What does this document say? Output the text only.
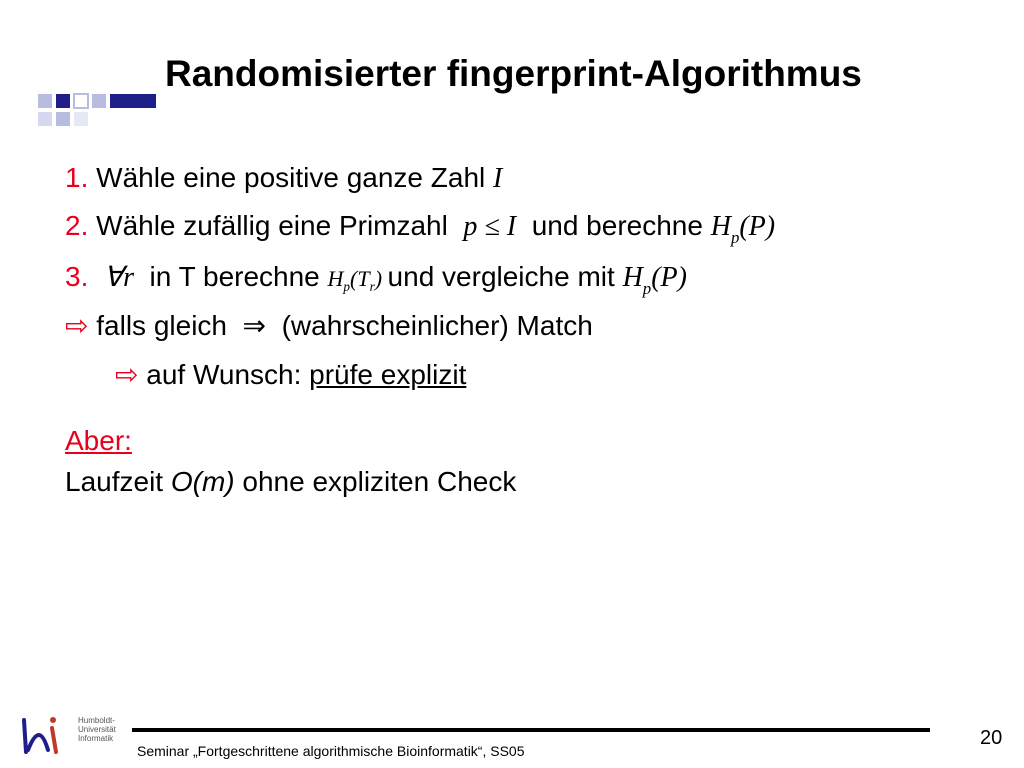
Randomisierter fingerprint-Algorithmus
1. Wähle eine positive ganze Zahl I
2. Wähle zufällig eine Primzahl p ≤ I und berechne $H_p(P)$
3. ∀r in T berechne $H_p(T_r)$ und vergleiche mit $H_p(P)$
⇨ falls gleich ⇒ (wahrscheinlicher) Match
⇨ auf Wunsch: prüfe explizit
Aber:
Laufzeit O(m) ohne expliziten Check
Humboldt-
Universität
Informatik
Seminar „Fortgeschrittene algorithmische Bioinformatik“, SS05
20
